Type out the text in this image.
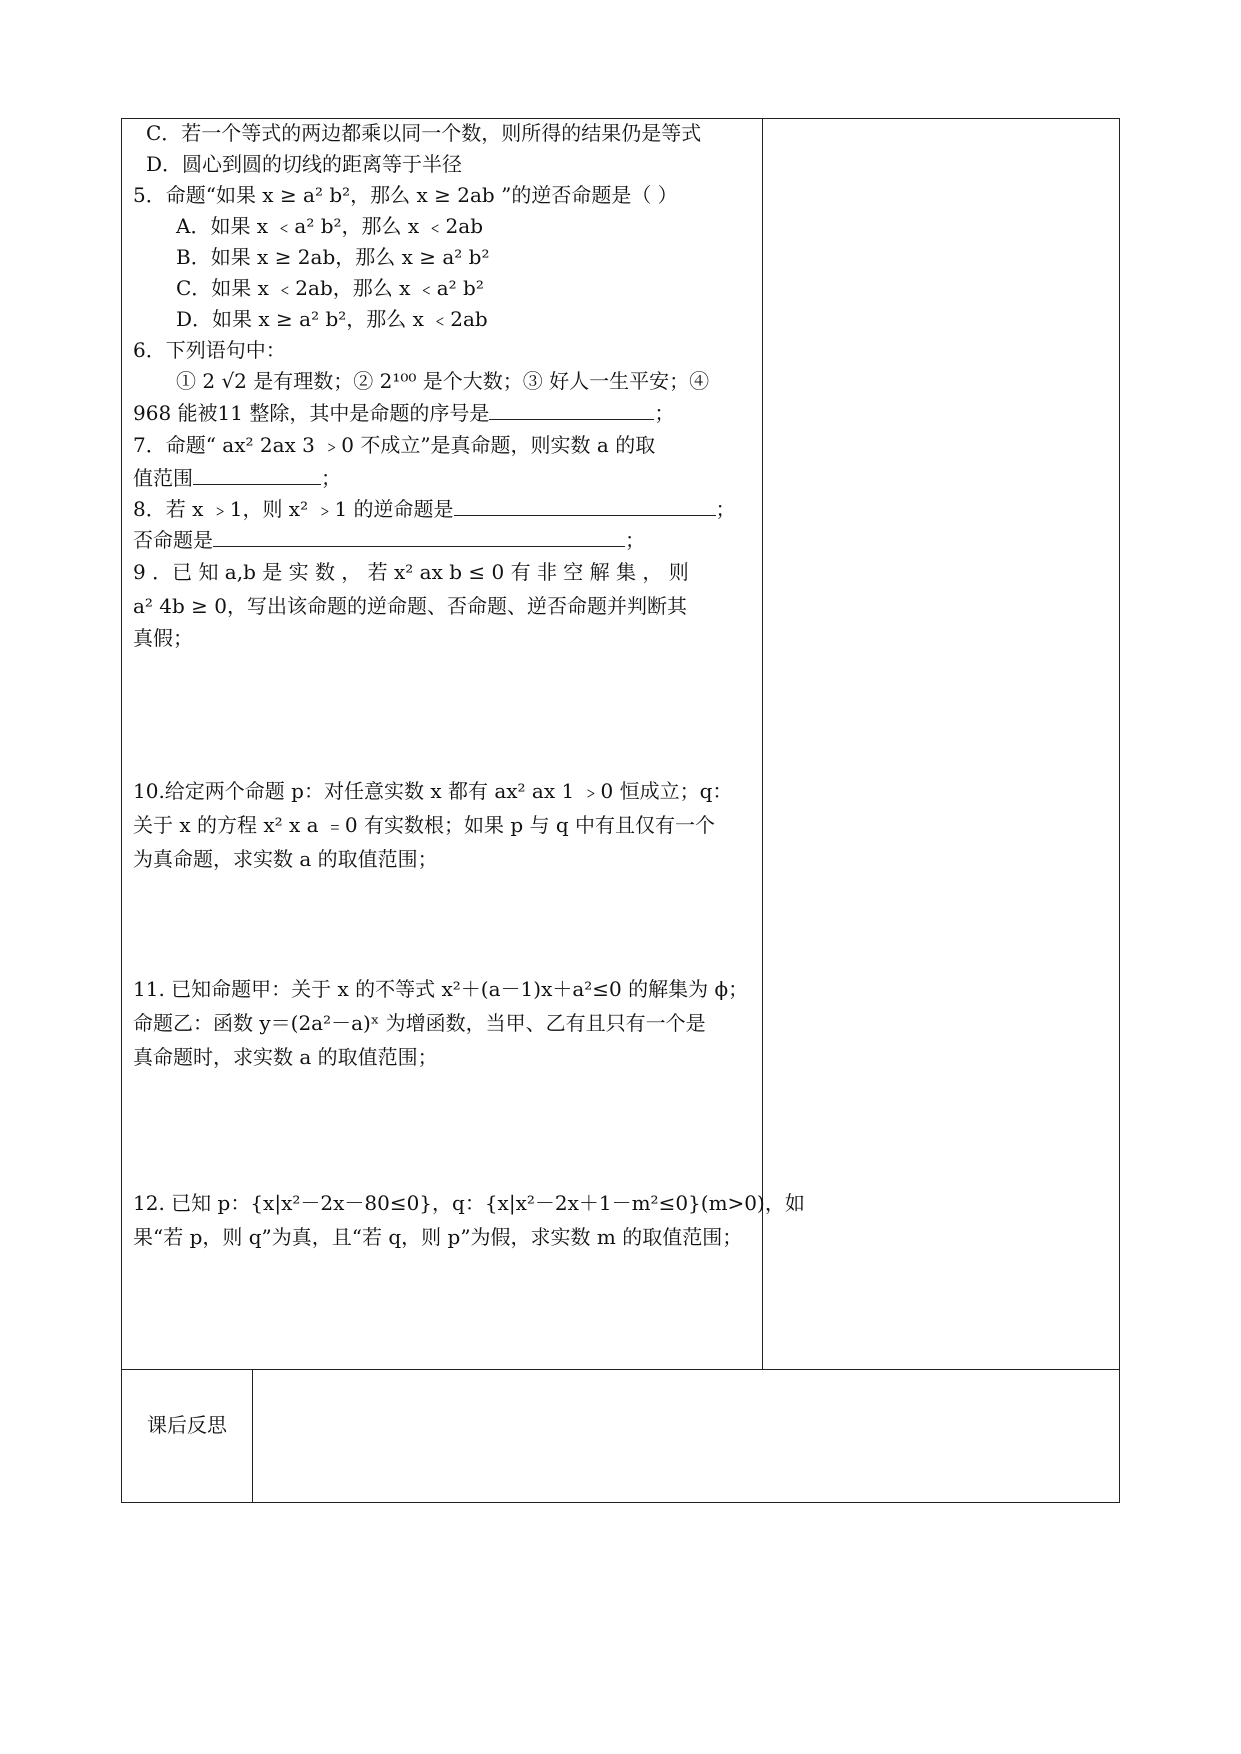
C．若一个等式的两边都乘以同一个数，则所得的结果仍是等式
D．圆心到圆的切线的距离等于半径
5．命题“如果 x ≥ a² b²，那么 x ≥ 2ab ”的逆否命题是（ ）
A．如果 x ﹤a² b²，那么 x ﹤2ab
B．如果 x ≥ 2ab，那么 x ≥ a² b²
C．如果 x ﹤2ab，那么 x ﹤a² b²
D．如果 x ≥ a² b²，那么 x ﹤2ab
6．下列语句中：
① 2 √2 是有理数；② 2¹⁰⁰ 是个大数；③ 好人一生平安；④
968 能被11 整除，其中是命题的序号是	；
7．命题“ ax² 2ax 3 ﹥0 不成立”是真命题，则实数 a 的取
值范围	；
8．若 x ﹥1，则 x² ﹥1 的逆命题是	；
否命题是	；
9 ．已 知 a,b 是 实 数 ， 若 x² ax b ≤ 0 有 非 空 解 集 ， 则
a² 4b ≥ 0，写出该命题的逆命题、否命题、逆否命题并判断其
真假；
10.给定两个命题 p：对任意实数 x 都有 ax² ax 1 ﹥0 恒成立；q：
关于 x 的方程 x² x a ﹦0 有实数根；如果 p 与 q 中有且仅有一个
为真命题，求实数 a 的取值范围；
11. 已知命题甲：关于 x 的不等式 x²＋(a－1)x＋a²≤0 的解集为 ϕ；
命题乙：函数 y＝(2a²－a)ˣ 为增函数，当甲、乙有且只有一个是
真命题时，求实数 a 的取值范围；
12. 已知 p：{x|x²－2x－80≤0}，q：{x|x²－2x＋1－m²≤0}(m>0)，如
果“若 p，则 q”为真，且“若 q，则 p”为假，求实数 m 的取值范围；
课后反思
